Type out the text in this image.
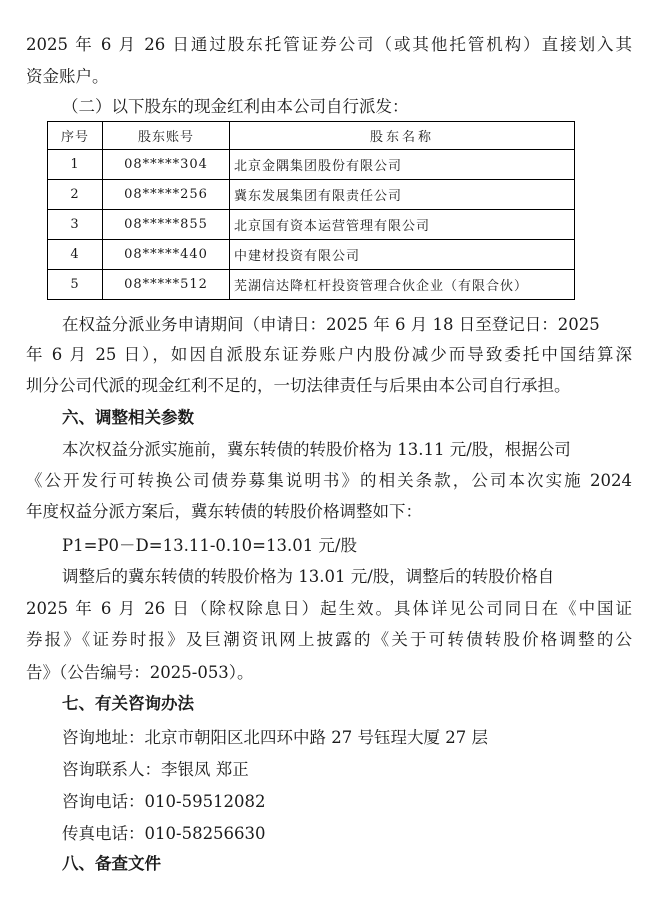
2025 年 6 月 26 日通过股东托管证券公司（或其他托管机构）直接划入其
资金账户。
（二）以下股东的现金红利由本公司自行派发：
序号	股东账号	股东名称
1	08*****304	北京金隅集团股份有限公司
2	08*****256	冀东发展集团有限责任公司
3	08*****855	北京国有资本运营管理有限公司
4	08*****440	中建材投资有限公司
5	08*****512	芜湖信达降杠杆投资管理合伙企业（有限合伙）
在权益分派业务申请期间（申请日：2025 年 6 月 18 日至登记日：2025
年 6 月 25 日），如因自派股东证券账户内股份减少而导致委托中国结算深
圳分公司代派的现金红利不足的，一切法律责任与后果由本公司自行承担。
六、调整相关参数
本次权益分派实施前，冀东转债的转股价格为 13.11 元/股，根据公司
《公开发行可转换公司债券募集说明书》的相关条款，公司本次实施 2024
年度权益分派方案后，冀东转债的转股价格调整如下：
P1=P0－D=13.11-0.10=13.01 元/股
调整后的冀东转债的转股价格为 13.01 元/股，调整后的转股价格自
2025 年 6 月 26 日（除权除息日）起生效。具体详见公司同日在《中国证
券报》《证券时报》及巨潮资讯网上披露的《关于可转债转股价格调整的公
告》（公告编号：2025-053）。
七、有关咨询办法
咨询地址：北京市朝阳区北四环中路 27 号钰珵大厦 27 层
咨询联系人：李银凤 郑正
咨询电话：010-59512082
传真电话：010-58256630
八、备查文件
